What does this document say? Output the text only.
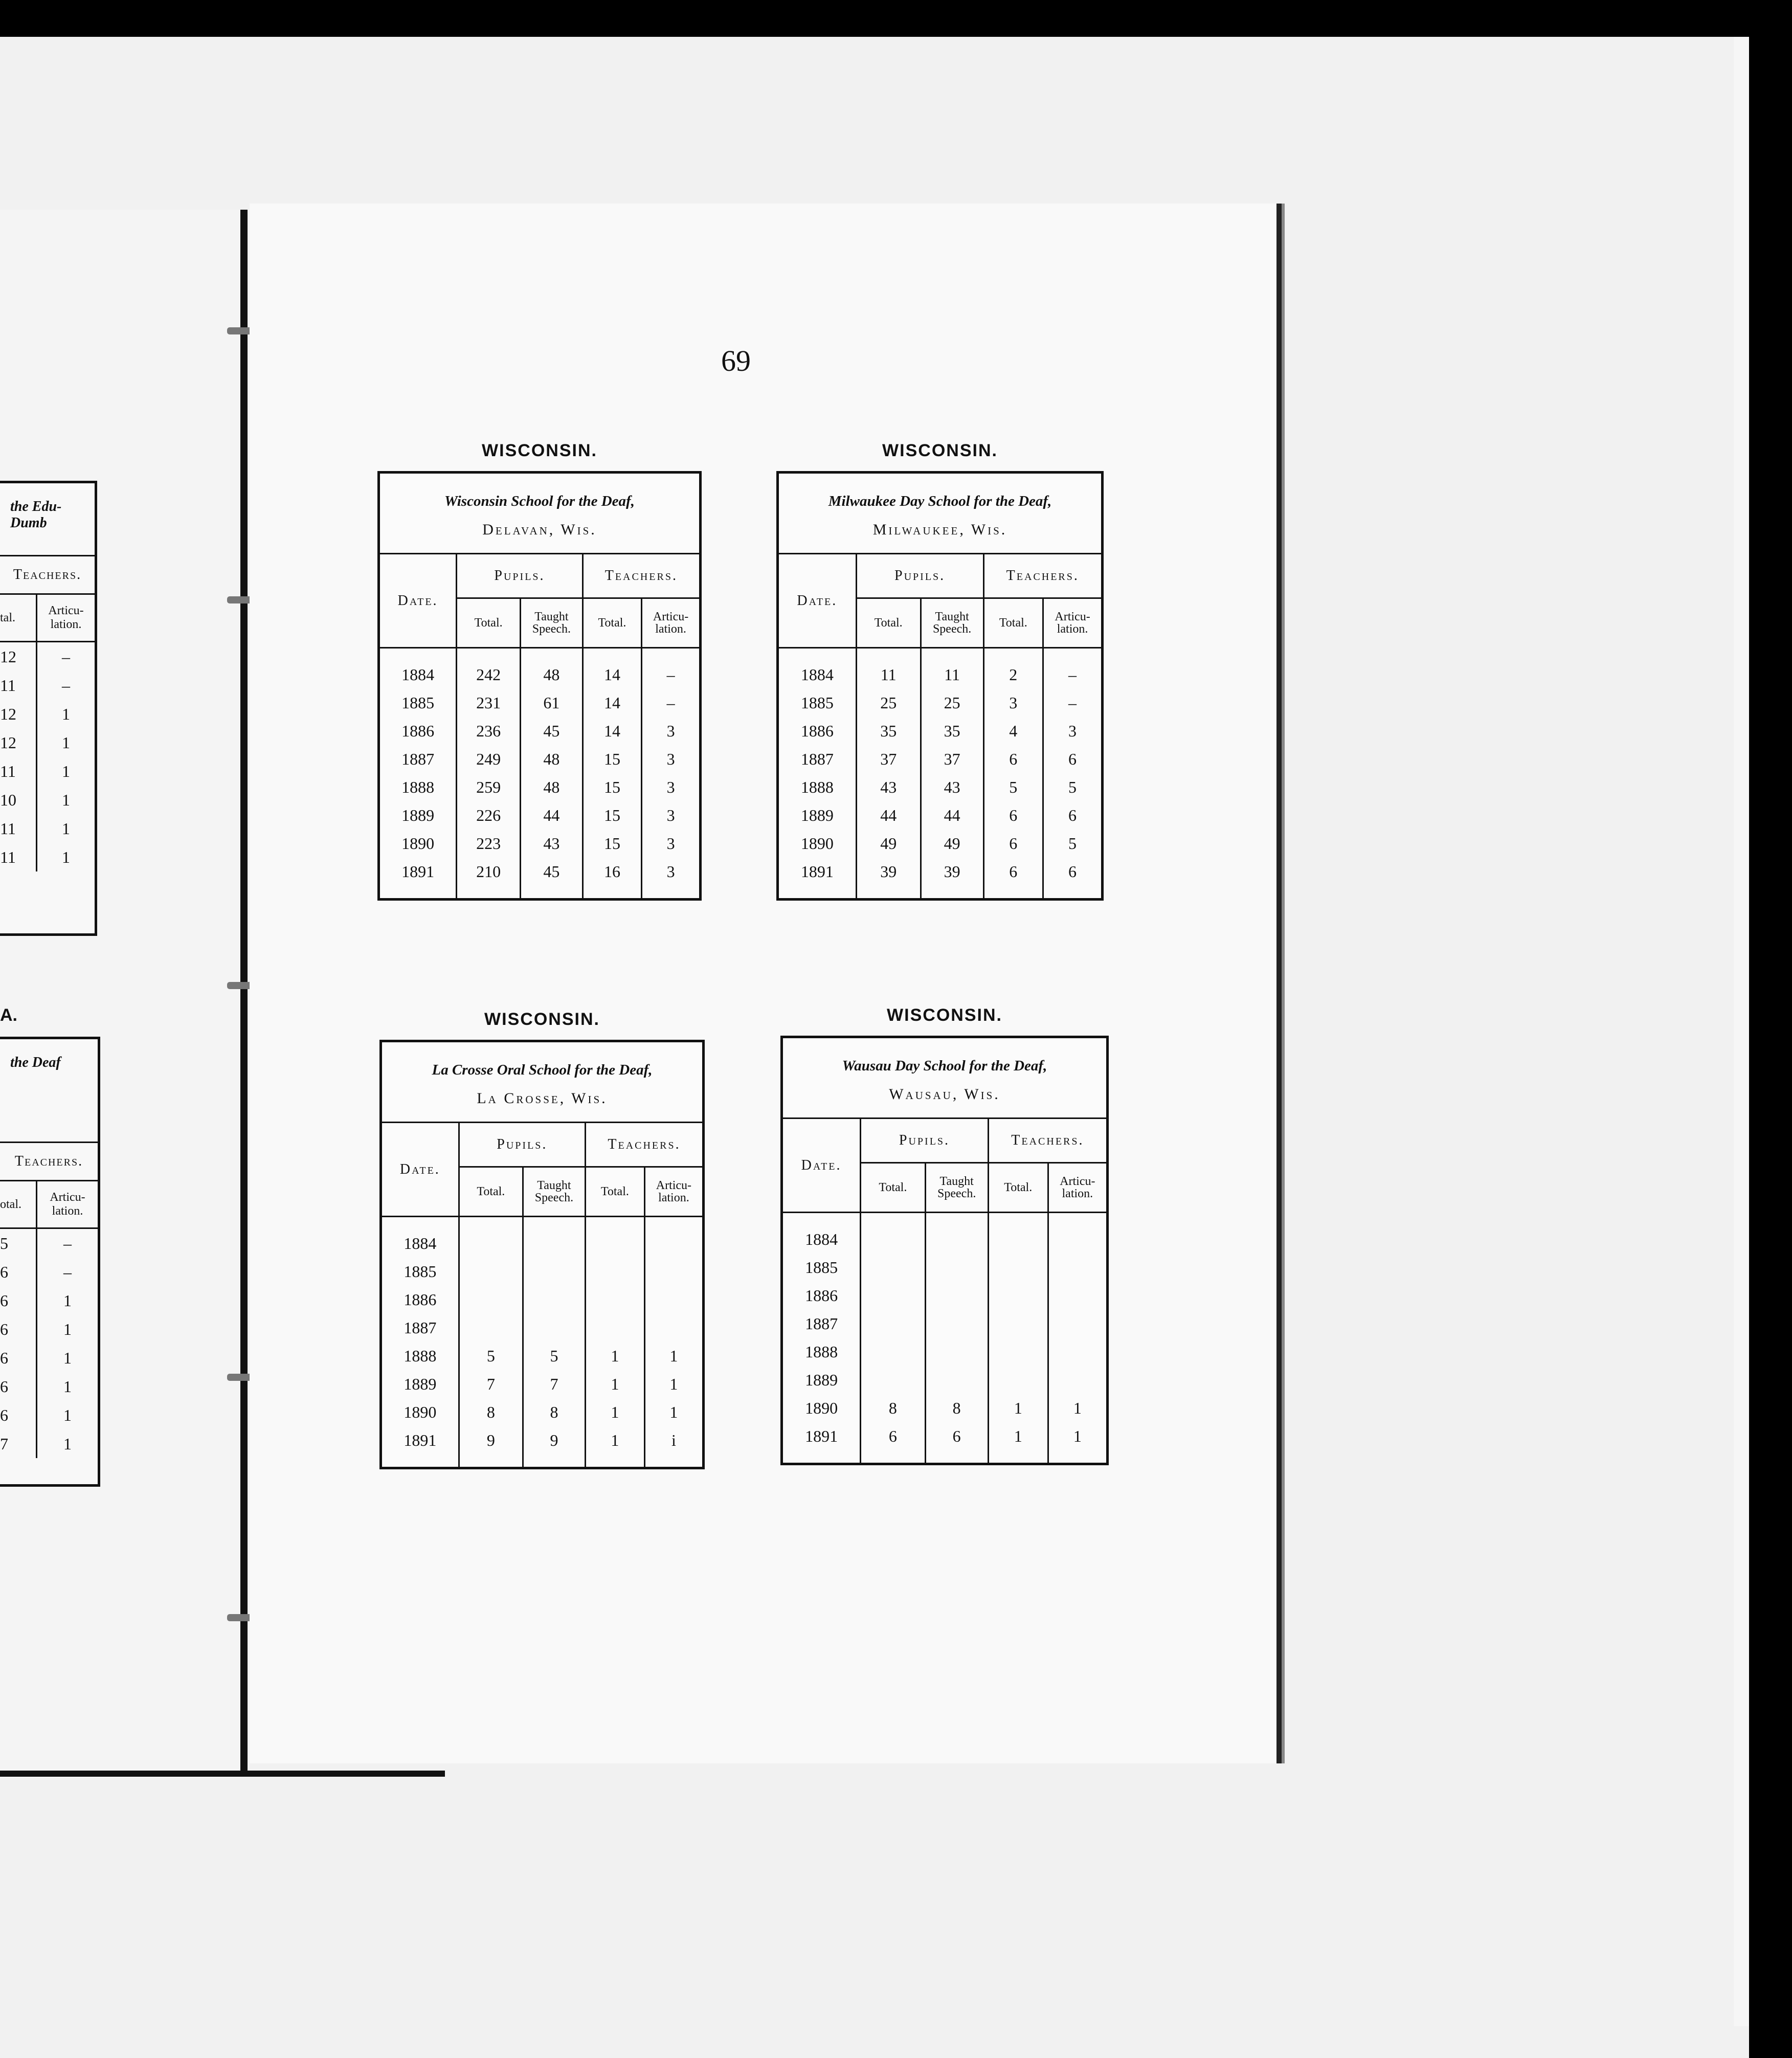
69
the Edu- Dumb
Teachers.
tal.
Articu-lation.
12	–
11	–
12	1
12	1
11	1
10	1
11	1
11	1
A.
the Deaf
Teachers.
otal.
Articu-lation.
5	–
6	–
6	1
6	1
6	1
6	1
6	1
7	1
WISCONSIN.
Wisconsin School for the Deaf,
Delavan, Wis.
Date.	Pupils.		Teachers.	
	Total.	Taught Speech.	Total.	Articu-lation.

1884	242	48	14	–
1885	231	61	14	–
1886	236	45	14	3
1887	249	48	15	3
1888	259	48	15	3
1889	226	44	15	3
1890	223	43	15	3
1891	210	45	16	3

WISCONSIN.
Milwaukee Day School for the Deaf,
Milwaukee, Wis.
Date.	Pupils.		Teachers.	
	Total.	Taught Speech.	Total.	Articu-lation.

1884	11	11	2	–
1885	25	25	3	–
1886	35	35	4	3
1887	37	37	6	6
1888	43	43	5	5
1889	44	44	6	6
1890	49	49	6	5
1891	39	39	6	6

WISCONSIN.
La Crosse Oral School for the Deaf,
La Crosse, Wis.
Date.	Pupils.		Teachers.	
	Total.	Taught Speech.	Total.	Articu-lation.

1884				
1885				
1886				
1887				
1888	5	5	1	1
1889	7	7	1	1
1890	8	8	1	1
1891	9	9	1	i

WISCONSIN.
Wausau Day School for the Deaf,
Wausau, Wis.
Date.	Pupils.		Teachers.	
	Total.	Taught Speech.	Total.	Articu-lation.

1884				
1885				
1886				
1887				
1888				
1889				
1890	8	8	1	1
1891	6	6	1	1
